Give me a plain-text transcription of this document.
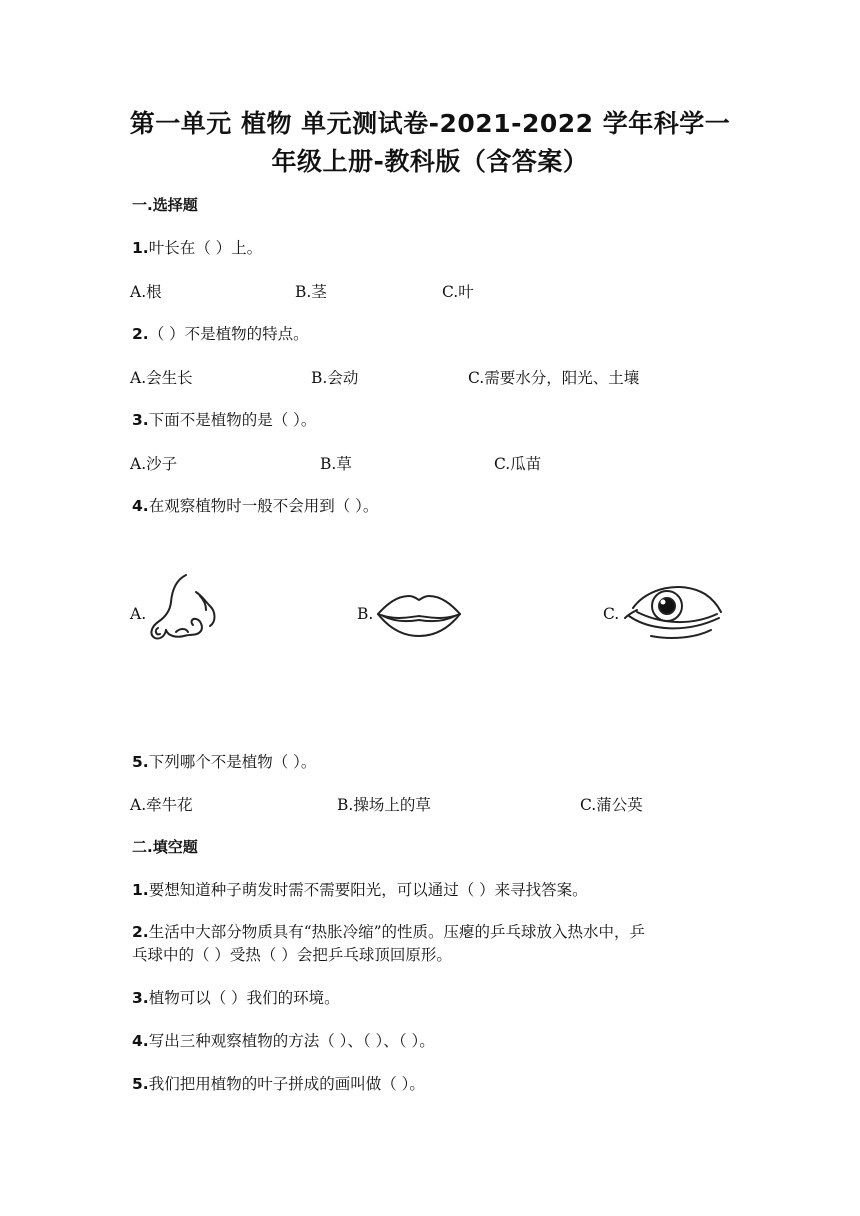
第一单元 植物 单元测试卷-2021-2022 学年科学一
年级上册-教科版（含答案）
一.选择题
1.叶长在（ ）上。
A.根	B.茎	C.叶
2.（ ）不是植物的特点。
A.会生长	B.会动	C.需要水分，阳光、土壤
3.下面不是植物的是（ ）。
A.沙子	B.草	C.瓜苗
4.在观察植物时一般不会用到（ ）。
A.	B.	C.
5.下列哪个不是植物（ ）。
A.牵牛花	B.操场上的草	C.蒲公英
二.填空题
1.要想知道种子萌发时需不需要阳光，可以通过（ ）来寻找答案。
2.生活中大部分物质具有“热胀冷缩”的性质。压瘪的乒乓球放入热水中，乒
乓球中的（ ）受热（ ）会把乒乓球顶回原形。
3.植物可以（ ）我们的环境。
4.写出三种观察植物的方法（ ）、（ ）、（ ）。
5.我们把用植物的叶子拼成的画叫做（ ）。
